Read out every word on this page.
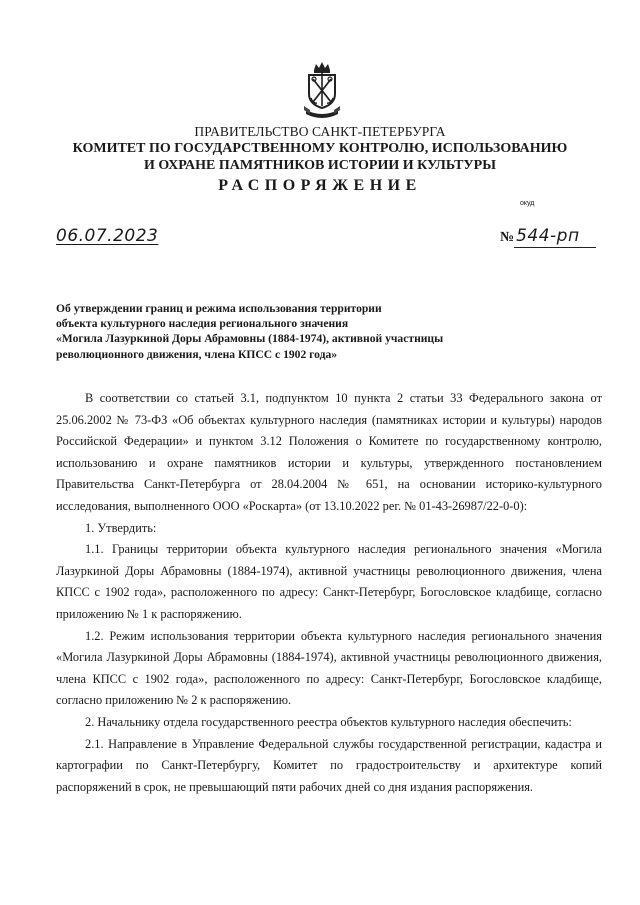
ПРАВИТЕЛЬСТВО САНКТ-ПЕТЕРБУРГА
КОМИТЕТ ПО ГОСУДАРСТВЕННОМУ КОНТРОЛЮ, ИСПОЛЬЗОВАНИЮ
И ОХРАНЕ ПАМЯТНИКОВ ИСТОРИИ И КУЛЬТУРЫ
РАСПОРЯЖЕНИЕ
окуд
06.07.2023	№ 544-рп
Об утверждении границ и режима использования территории
объекта культурного наследия регионального значения
«Могила Лазуркиной Доры Абрамовны (1884-1974), активной участницы
революционного движения, члена КПСС с 1902 года»

В соответствии со статьей 3.1, подпунктом 10 пункта 2 статьи 33 Федерального закона от 25.06.2002 № 73-ФЗ «Об объектах культурного наследия (памятниках истории и культуры) народов Российской Федерации» и пунктом 3.12 Положения о Комитете по государственному контролю, использованию и охране памятников истории и культуры, утвержденного постановлением Правительства Санкт-Петербурга от 28.04.2004 № 651, на основании историко-культурного исследования, выполненного ООО «Роскарта» (от 13.10.2022 рег. № 01-43-26987/22-0-0):

1. Утвердить:

1.1. Границы территории объекта культурного наследия регионального значения «Могила Лазуркиной Доры Абрамовны (1884-1974), активной участницы революционного движения, члена КПСС с 1902 года», расположенного по адресу: Санкт-Петербург, Богословское кладбище, согласно приложению № 1 к распоряжению.

1.2. Режим использования территории объекта культурного наследия регионального значения «Могила Лазуркиной Доры Абрамовны (1884-1974), активной участницы революционного движения, члена КПСС с 1902 года», расположенного по адресу: Санкт-Петербург, Богословское кладбище, согласно приложению № 2 к распоряжению.

2. Начальнику отдела государственного реестра объектов культурного наследия обеспечить:

2.1. Направление в Управление Федеральной службы государственной регистрации, кадастра и картографии по Санкт-Петербургу, Комитет по градостроительству и архитектуре копий распоряжений в срок, не превышающий пяти рабочих дней со дня издания распоряжения.
